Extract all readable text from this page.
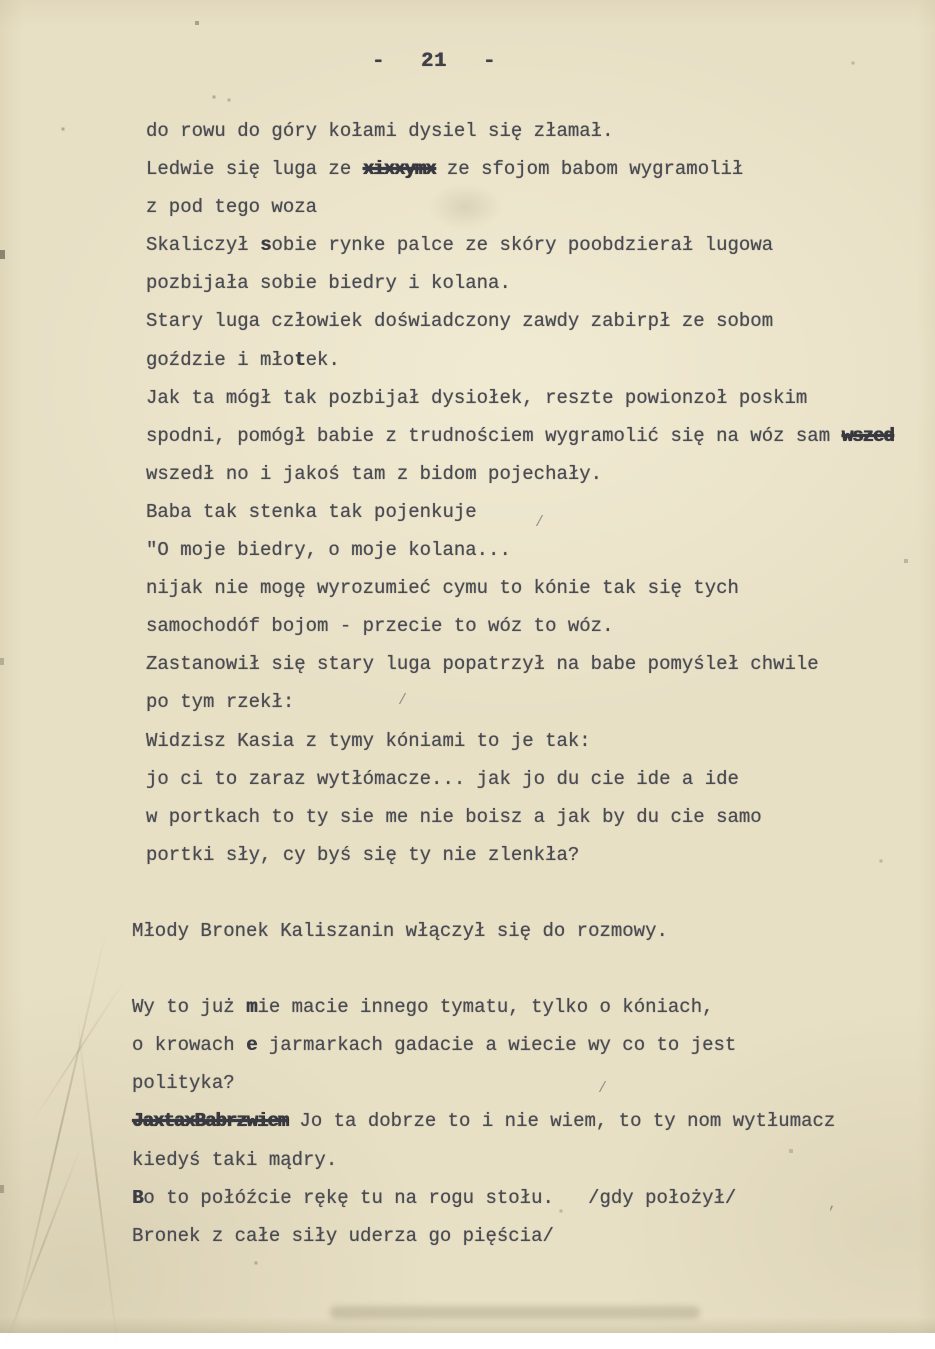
-  21  -
do rowu do góry kołami dysiel się złamał.
Ledwie się luga ze xixxymx ze sfojom babom wygramolił
z pod tego woza
Skaliczył sobie rynke palce ze skóry poobdzierał lugowa
pozbijała sobie biedry i kolana.
Stary luga człowiek doświadczony zawdy zabirpł ze sobom
goździe i młotek.
Jak ta mógł tak pozbijał dysiołek, reszte powionzoł poskim
spodni, pomógł babie z trudnościem wygramolić się na wóz sam wszed
wszedł no i jakoś tam z bidom pojechały.
Baba tak stenka tak pojenkuje
"O moje biedry, o moje kolana...
nijak nie mogę wyrozumieć cymu to kónie tak się tych
samochodóf bojom - przecie to wóz to wóz.
Zastanowił się stary luga popatrzył na babe pomyśleł chwile
po tym rzekł:
Widzisz Kasia z tymy kóniami to je tak:
jo ci to zaraz wytłómacze... jak jo du cie ide a ide
w portkach to ty sie me nie boisz a jak by du cie samo
portki sły, cy byś się ty nie zlenkła?
Młody Bronek Kaliszanin włączył się do rozmowy.
Wy to już mie macie innego tymatu, tylko o kóniach,
o krowach e jarmarkach gadacie a wiecie wy co to jest
polityka?
JaxtaxBabrzwiem Jo ta dobrze to i nie wiem, to ty nom wytłumacz
kiedyś taki mądry.
Bo to połóźcie rękę tu na rogu stołu.   /gdy położył/
Bronek z całe siły uderza go pięścia/
/
/
/
,
